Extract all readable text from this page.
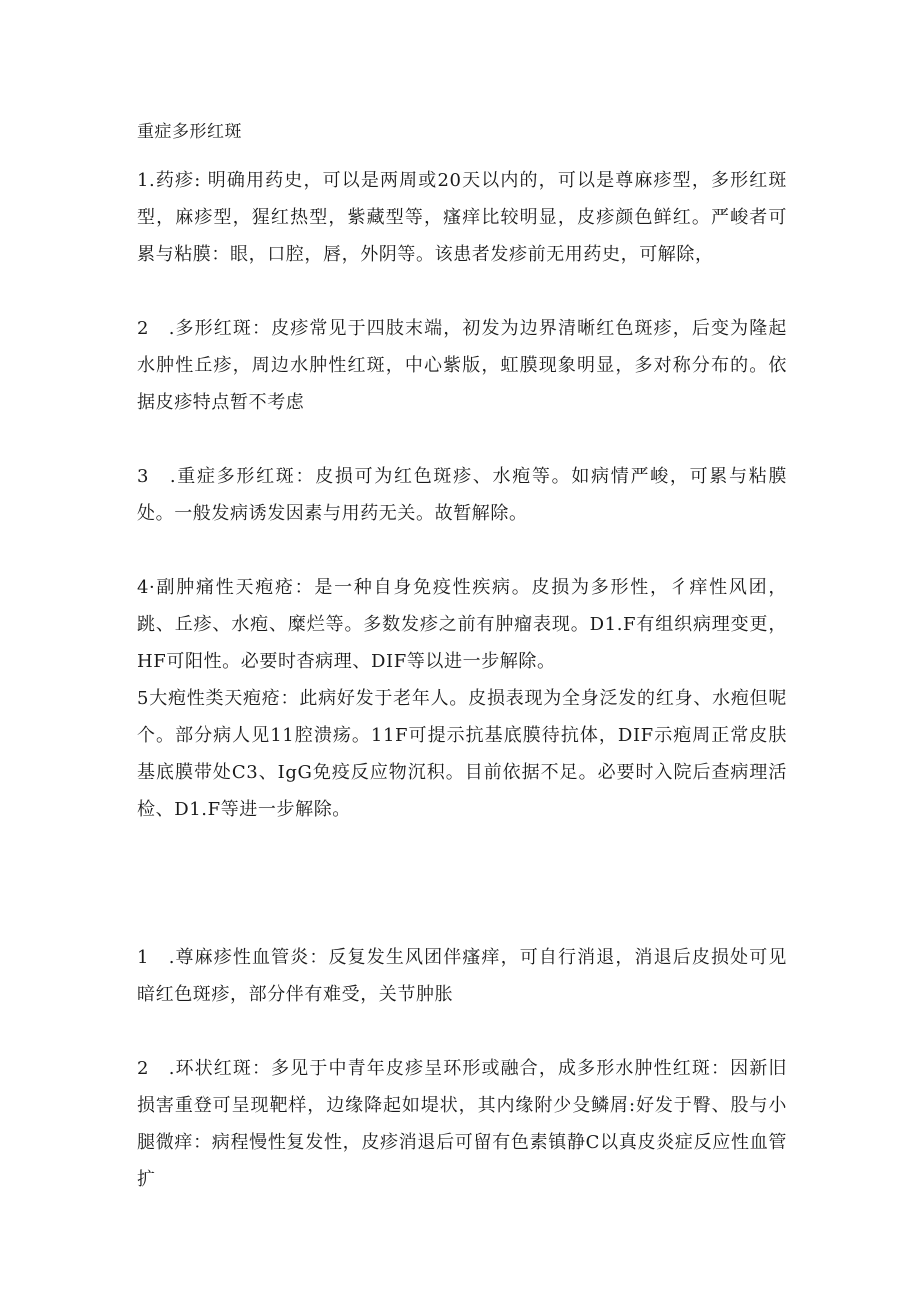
重症多形红斑

1.药疹: 明确用药史，可以是两周或20天以内的，可以是尊麻疹型，多形红斑型，麻疹型，猩红热型，紫藏型等，瘙痒比较明显，皮疹颜色鲜红。严峻者可累与粘膜：眼，口腔，唇，外阴等。该患者发疹前无用药史，可解除，

2　.多形红斑：皮疹常见于四肢末端，初发为边界清晰红色斑疹，后变为隆起水肿性丘疹，周边水肿性红斑，中心紫版，虹膜现象明显，多对称分布的。依据皮疹特点暂不考虑

3　.重症多形红斑：皮损可为红色斑疹、水疱等。如病情严峻，可累与粘膜处。一般发病诱发因素与用药无关。故暂解除。

4·副肿痛性天疱疮：是一种自身免疫性疾病。皮损为多形性，彳痒性风团，跳、丘疹、水疱、糜烂等。多数发疹之前有肿瘤表现。D1.F有组织病理变更，HF可阳性。必要时杳病理、DIF等以进一步解除。

5大疱性类天疱疮：此病好发于老年人。皮损表现为全身泛发的红身、水疱但呢个。部分病人见11腔溃疡。11F可提示抗基底膜待抗体，DIF示疱周正常皮肤基底膜带处C3、IgG免疫反应物沉积。目前依据不足。必要时入院后查病理活检、D1.F等进一步解除。

1　.尊麻疹性血管炎：反复发生风团伴瘙痒，可自行消退，消退后皮损处可见暗红色斑疹，部分伴有难受，关节肿胀

2　.环状红斑：多见于中青年皮疹呈环形或融合，成多形水肿性红斑：因新旧损害重登可呈现靶样，边缘降起如堤状，其内缘附少殳鳞屑:好发于臀、股与小腿微痒：病程慢性复发性，皮疹消退后可留有色素镇静C以真皮炎症反应性血管扩
